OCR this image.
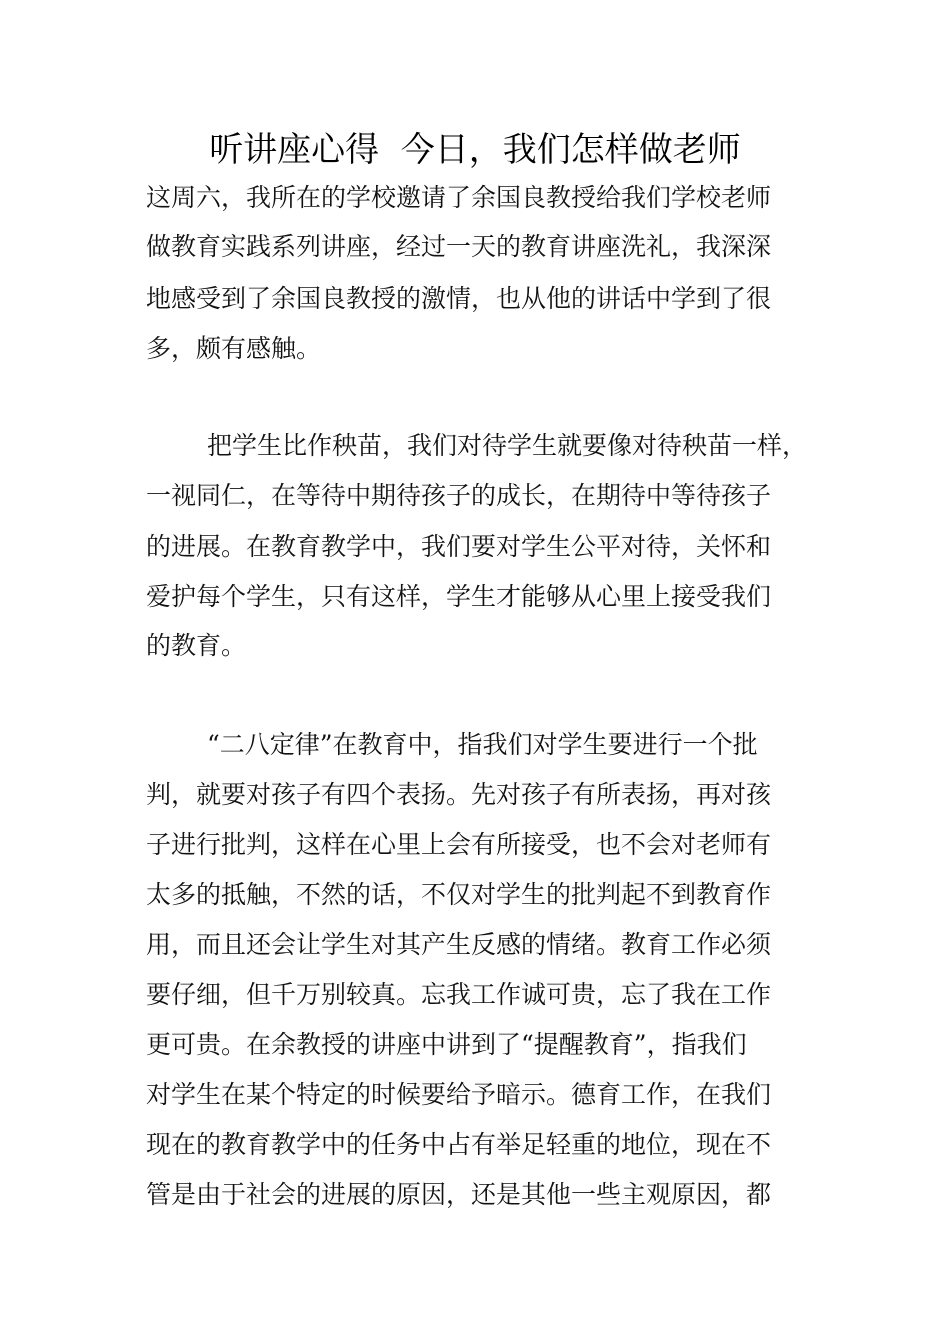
听讲座心得  今日，我们怎样做老师
这周六，我所在的学校邀请了余国良教授给我们学校老师
做教育实践系列讲座，经过一天的教育讲座洗礼，我深深
地感受到了余国良教授的激情，也从他的讲话中学到了很
多，颇有感触。
把学生比作秧苗，我们对待学生就要像对待秧苗一样，
一视同仁，在等待中期待孩子的成长，在期待中等待孩子
的进展。在教育教学中，我们要对学生公平对待，关怀和
爱护每个学生，只有这样，学生才能够从心里上接受我们
的教育。
“二八定律”在教育中，指我们对学生要进行一个批
判，就要对孩子有四个表扬。先对孩子有所表扬，再对孩
子进行批判，这样在心里上会有所接受，也不会对老师有
太多的抵触，不然的话，不仅对学生的批判起不到教育作
用，而且还会让学生对其产生反感的情绪。教育工作必须
要仔细，但千万别较真。忘我工作诚可贵，忘了我在工作
更可贵。在余教授的讲座中讲到了“提醒教育”，指我们
对学生在某个特定的时候要给予暗示。德育工作，在我们
现在的教育教学中的任务中占有举足轻重的地位，现在不
管是由于社会的进展的原因，还是其他一些主观原因，都
